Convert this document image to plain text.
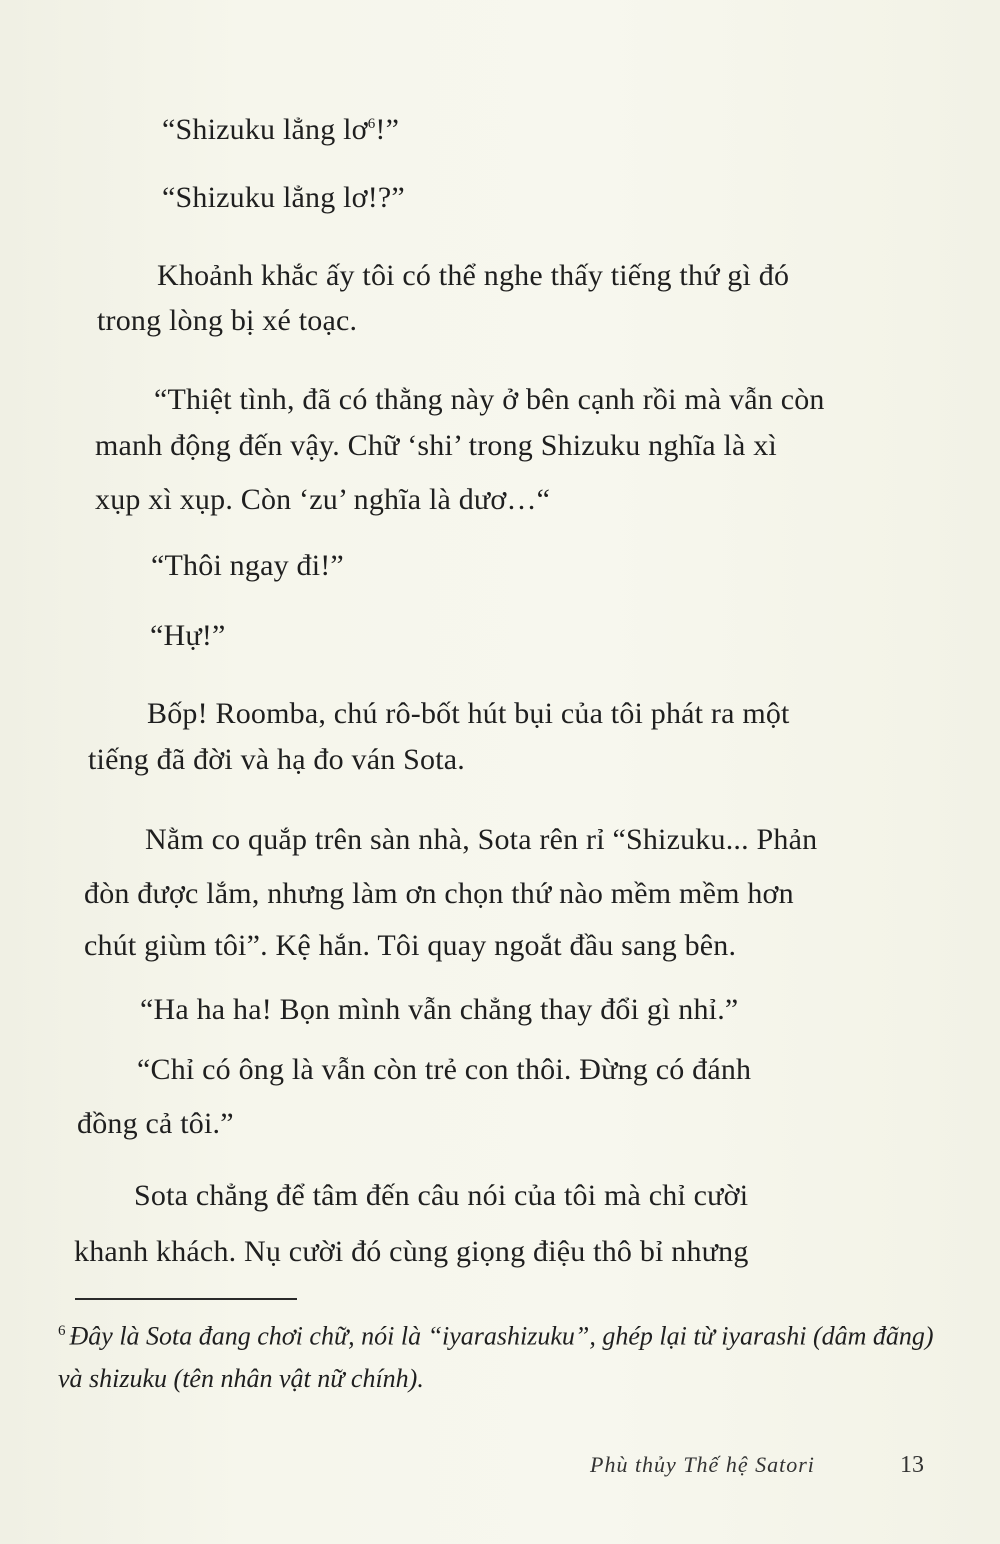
“Shizuku lẳng lơ$^6$!”
“Shizuku lẳng lơ!?”
Khoảnh khắc ấy tôi có thể nghe thấy tiếng thứ gì đó
trong lòng bị xé toạc.
“Thiệt tình, đã có thằng này ở bên cạnh rồi mà vẫn còn
manh động đến vậy. Chữ ‘shi’ trong Shizuku nghĩa là xì
xụp xì xụp. Còn ‘zu’ nghĩa là dươ…“
“Thôi ngay đi!”
“Hự!”
Bốp! Roomba, chú rô-bốt hút bụi của tôi phát ra một
tiếng đã đời và hạ đo ván Sota.
Nằm co quắp trên sàn nhà, Sota rên rỉ “Shizuku... Phản
đòn được lắm, nhưng làm ơn chọn thứ nào mềm mềm hơn
chút giùm tôi”. Kệ hắn. Tôi quay ngoắt đầu sang bên.
“Ha ha ha! Bọn mình vẫn chẳng thay đổi gì nhỉ.”
“Chỉ có ông là vẫn còn trẻ con thôi. Đừng có đánh
đồng cả tôi.”
Sota chẳng để tâm đến câu nói của tôi mà chỉ cười
khanh khách. Nụ cười đó cùng giọng điệu thô bỉ nhưng
$^6$ Đây là Sota đang chơi chữ, nói là “iyarashizuku”, ghép lại từ iyarashi (dâm đãng) và shizuku (tên nhân vật nữ chính).
Phù thủy Thế hệ Satori	13
